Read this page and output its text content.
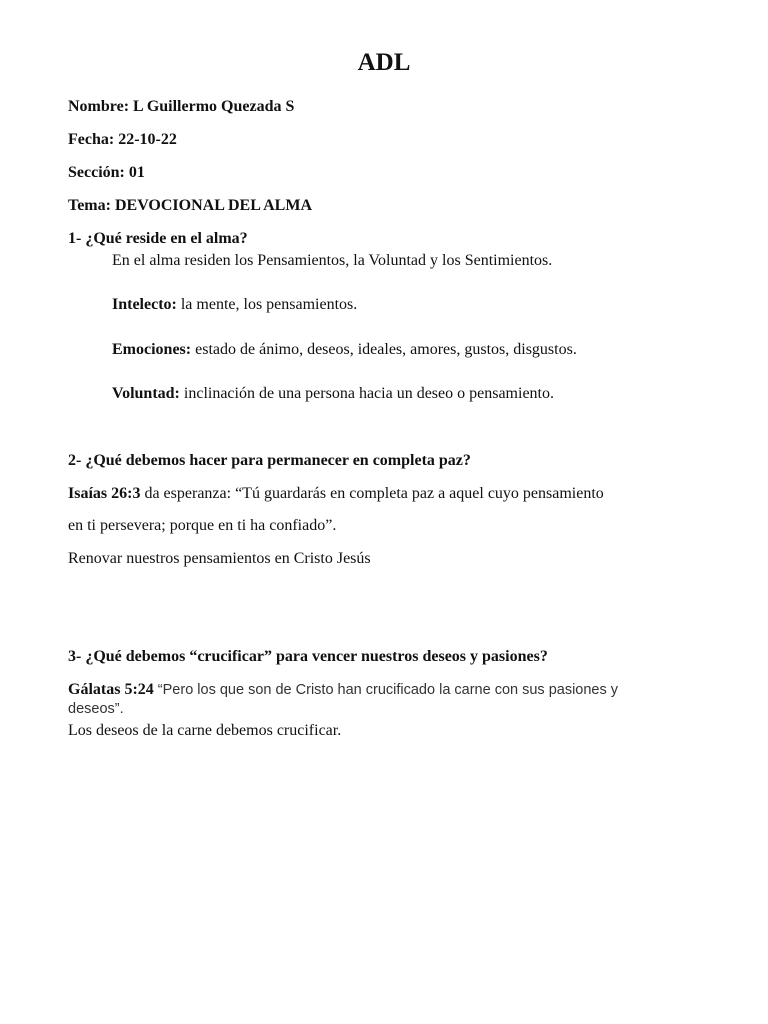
ADL
Nombre: L Guillermo Quezada S
Fecha: 22-10-22
Sección: 01
Tema: DEVOCIONAL DEL ALMA
1- ¿Qué reside en el alma?
En el alma residen los Pensamientos, la Voluntad y los Sentimientos.
Intelecto: la mente, los pensamientos.
Emociones: estado de ánimo, deseos, ideales, amores, gustos, disgustos.
Voluntad: inclinación de una persona hacia un deseo o pensamiento.
2- ¿Qué debemos hacer para permanecer en completa paz?
Isaías 26:3 da esperanza: “Tú guardarás en completa paz a aquel cuyo pensamiento
en ti persevera; porque en ti ha confiado”.
Renovar nuestros pensamientos en Cristo Jesús
3- ¿Qué debemos “crucificar” para vencer nuestros deseos y pasiones?
Gálatas 5:24 “Pero los que son de Cristo han crucificado la carne con sus pasiones y
deseos”.
Los deseos de la carne debemos crucificar.
